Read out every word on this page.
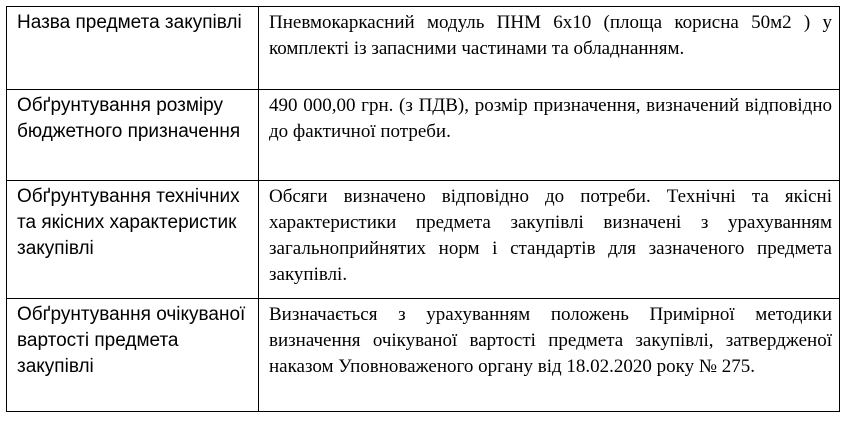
Назва предмета закупівлі	Пневмокаркасний модуль ПНМ 6х10 (площа корисна 50м2 ) у комплекті із запасними частинами та обладнанням.
Обґрунтування розміру бюджетного призначення	490 000,00 грн. (з ПДВ), розмір призначення, визначений відповідно до фактичної потреби.
Обґрунтування технічних та якісних характеристик закупівлі	Обсяги визначено відповідно до потреби. Технічні та якісні характеристики предмета закупівлі визначені з урахуванням загальноприйнятих норм і стандартів для зазначеного предмета закупівлі.
Обґрунтування очікуваної вартості предмета закупівлі	Визначається з урахуванням положень Примірної методики визначення очікуваної вартості предмета закупівлі, затвердженої наказом Уповноваженого органу від 18.02.2020 року № 275.
